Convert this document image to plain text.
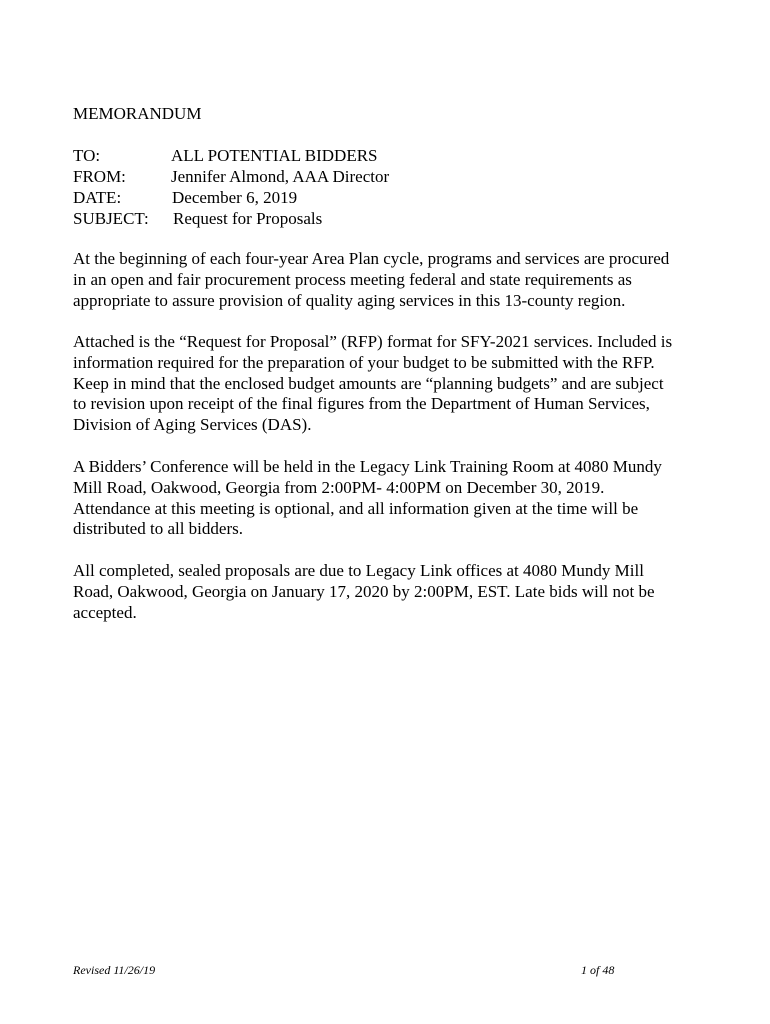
MEMORANDUM
TO:	ALL POTENTIAL BIDDERS
FROM:	Jennifer Almond, AAA Director
DATE:	December 6, 2019
SUBJECT: Request for Proposals

At the beginning of each four-year Area Plan cycle, programs and services are procured
in an open and fair procurement process meeting federal and state requirements as
appropriate to assure provision of quality aging services in this 13-county region.

Attached is the “Request for Proposal” (RFP) format for SFY-2021 services. Included is
information required for the preparation of your budget to be submitted with the RFP.
Keep in mind that the enclosed budget amounts are “planning budgets” and are subject
to revision upon receipt of the final figures from the Department of Human Services,
Division of Aging Services (DAS).

A Bidders’ Conference will be held in the Legacy Link Training Room at 4080 Mundy
Mill Road, Oakwood, Georgia from 2:00PM- 4:00PM on December 30, 2019.
Attendance at this meeting is optional, and all information given at the time will be
distributed to all bidders.

All completed, sealed proposals are due to Legacy Link offices at 4080 Mundy Mill
Road, Oakwood, Georgia on January 17, 2020 by 2:00PM, EST. Late bids will not be
accepted.

Revised 11/26/19	1 of 48
